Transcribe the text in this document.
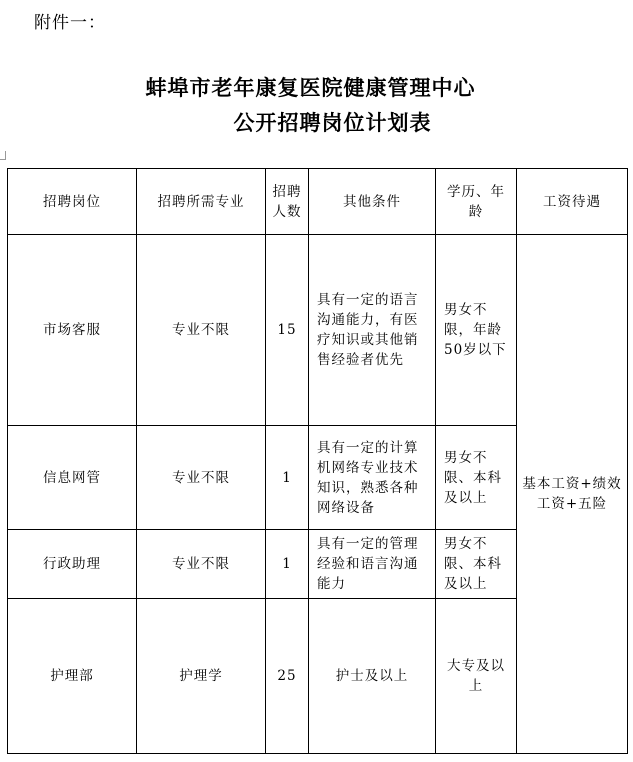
附件一：
蚌埠市老年康复医院健康管理中心
公开招聘岗位计划表
招聘岗位	招聘所需专业	招聘人数	其他条件	学历、年龄	工资待遇
市场客服	专业不限	15	具有一定的语言沟通能力，有医疗知识或其他销售经验者优先	男女不限，年龄50岁以下	基本工资+绩效工资+五险
信息网管	专业不限	1	具有一定的计算机网络专业技术知识，熟悉各种网络设备	男女不限、本科及以上	
行政助理	专业不限	1	具有一定的管理经验和语言沟通能力	男女不限、本科及以上	
护理部	护理学	25	护士及以上	大专及以上	
